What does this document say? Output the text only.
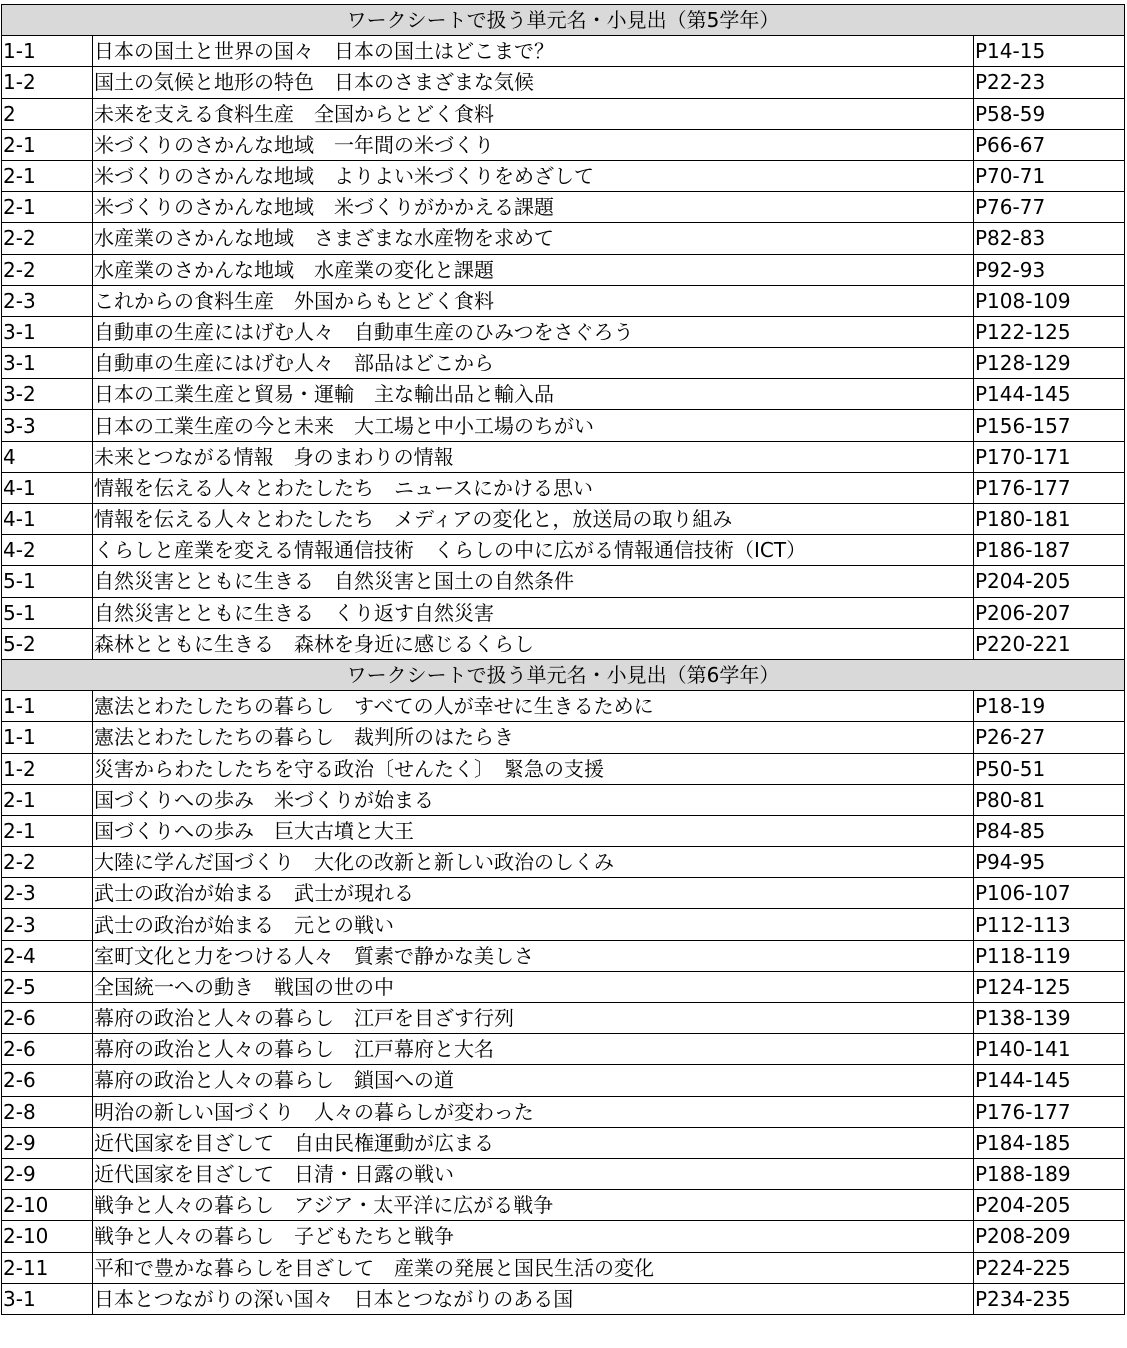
ワークシートで扱う単元名・小見出（第5学年）		
1-1	日本の国土と世界の国々　日本の国土はどこまで？	P14-15
1-2	国土の気候と地形の特色　日本のさまざまな気候	P22-23
2	未来を支える食料生産　全国からとどく食料	P58-59
2-1	米づくりのさかんな地域　一年間の米づくり	P66-67
2-1	米づくりのさかんな地域　よりよい米づくりをめざして	P70-71
2-1	米づくりのさかんな地域　米づくりがかかえる課題	P76-77
2-2	水産業のさかんな地域　さまざまな水産物を求めて	P82-83
2-2	水産業のさかんな地域　水産業の変化と課題	P92-93
2-3	これからの食料生産　外国からもとどく食料	P108-109
3-1	自動車の生産にはげむ人々　自動車生産のひみつをさぐろう	P122-125
3-1	自動車の生産にはげむ人々　部品はどこから	P128-129
3-2	日本の工業生産と貿易・運輸　主な輸出品と輸入品	P144-145
3-3	日本の工業生産の今と未来　大工場と中小工場のちがい	P156-157
4	未来とつながる情報　身のまわりの情報	P170-171
4-1	情報を伝える人々とわたしたち　ニュースにかける思い	P176-177
4-1	情報を伝える人々とわたしたち　メディアの変化と，放送局の取り組み	P180-181
4-2	くらしと産業を変える情報通信技術　くらしの中に広がる情報通信技術（ICT）	P186-187
5-1	自然災害とともに生きる　自然災害と国土の自然条件	P204-205
5-1	自然災害とともに生きる　くり返す自然災害	P206-207
5-2	森林とともに生きる　森林を身近に感じるくらし	P220-221
ワークシートで扱う単元名・小見出（第6学年）		
1-1	憲法とわたしたちの暮らし　すべての人が幸せに生きるために	P18-19
1-1	憲法とわたしたちの暮らし　裁判所のはたらき	P26-27
1-2	災害からわたしたちを守る政治〔せんたく〕　緊急の支援	P50-51
2-1	国づくりへの歩み　米づくりが始まる	P80-81
2-1	国づくりへの歩み　巨大古墳と大王	P84-85
2-2	大陸に学んだ国づくり　大化の改新と新しい政治のしくみ	P94-95
2-3	武士の政治が始まる　武士が現れる	P106-107
2-3	武士の政治が始まる　元との戦い	P112-113
2-4	室町文化と力をつける人々　質素で静かな美しさ	P118-119
2-5	全国統一への動き　戦国の世の中	P124-125
2-6	幕府の政治と人々の暮らし　江戸を目ざす行列	P138-139
2-6	幕府の政治と人々の暮らし　江戸幕府と大名	P140-141
2-6	幕府の政治と人々の暮らし　鎖国への道	P144-145
2-8	明治の新しい国づくり　人々の暮らしが変わった	P176-177
2-9	近代国家を目ざして　自由民権運動が広まる	P184-185
2-9	近代国家を目ざして　日清・日露の戦い	P188-189
2-10	戦争と人々の暮らし　アジア・太平洋に広がる戦争	P204-205
2-10	戦争と人々の暮らし　子どもたちと戦争	P208-209
2-11	平和で豊かな暮らしを目ざして　産業の発展と国民生活の変化	P224-225
3-1	日本とつながりの深い国々　日本とつながりのある国	P234-235
